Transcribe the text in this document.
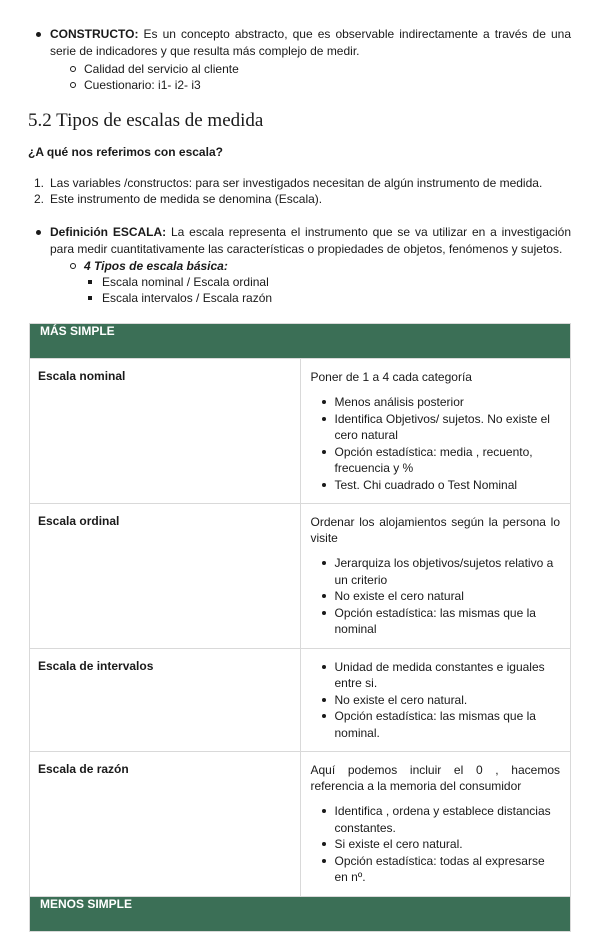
CONSTRUCTO: Es un concepto abstracto, que es observable indirectamente a través de una serie de indicadores y que resulta más complejo de medir.
Calidad del servicio al cliente
Cuestionario: i1- i2- i3
5.2 Tipos de escalas de medida
¿A qué nos referimos con escala?
1. Las variables /constructos: para ser investigados necesitan de algún instrumento de medida.
2. Este instrumento de medida se denomina (Escala).
Definición ESCALA: La escala representa el instrumento que se va utilizar en a investigación para medir cuantitativamente las características o propiedades de objetos, fenómenos y sujetos.
4 Tipos de escala básica:
Escala nominal / Escala ordinal
Escala intervalos / Escala razón
MÁS SIMPLE	
Escala nominal	Poner de 1 a 4 cada categoría
Menos análisis posterior
Identifica Objetivos/ sujetos. No existe el cero natural
Opción estadística: media , recuento, frecuencia y %
Test. Chi cuadrado o Test Nominal

Escala ordinal	Ordenar los alojamientos según la persona lo visite
Jerarquiza los objetivos/sujetos relativo a un criterio
No existe el cero natural
Opción estadística: las mismas que la nominal

Escala de intervalos	Unidad de medida constantes e iguales entre si.
No existe el cero natural.
Opción estadística: las mismas que la nominal.

Escala de razón	Aquí podemos incluir el 0 , hacemos referencia a la memoria del consumidor
Identifica , ordena y establece distancias constantes.
Si existe el cero natural.
Opción estadística: todas al expresarse en nº.

MENOS SIMPLE	
